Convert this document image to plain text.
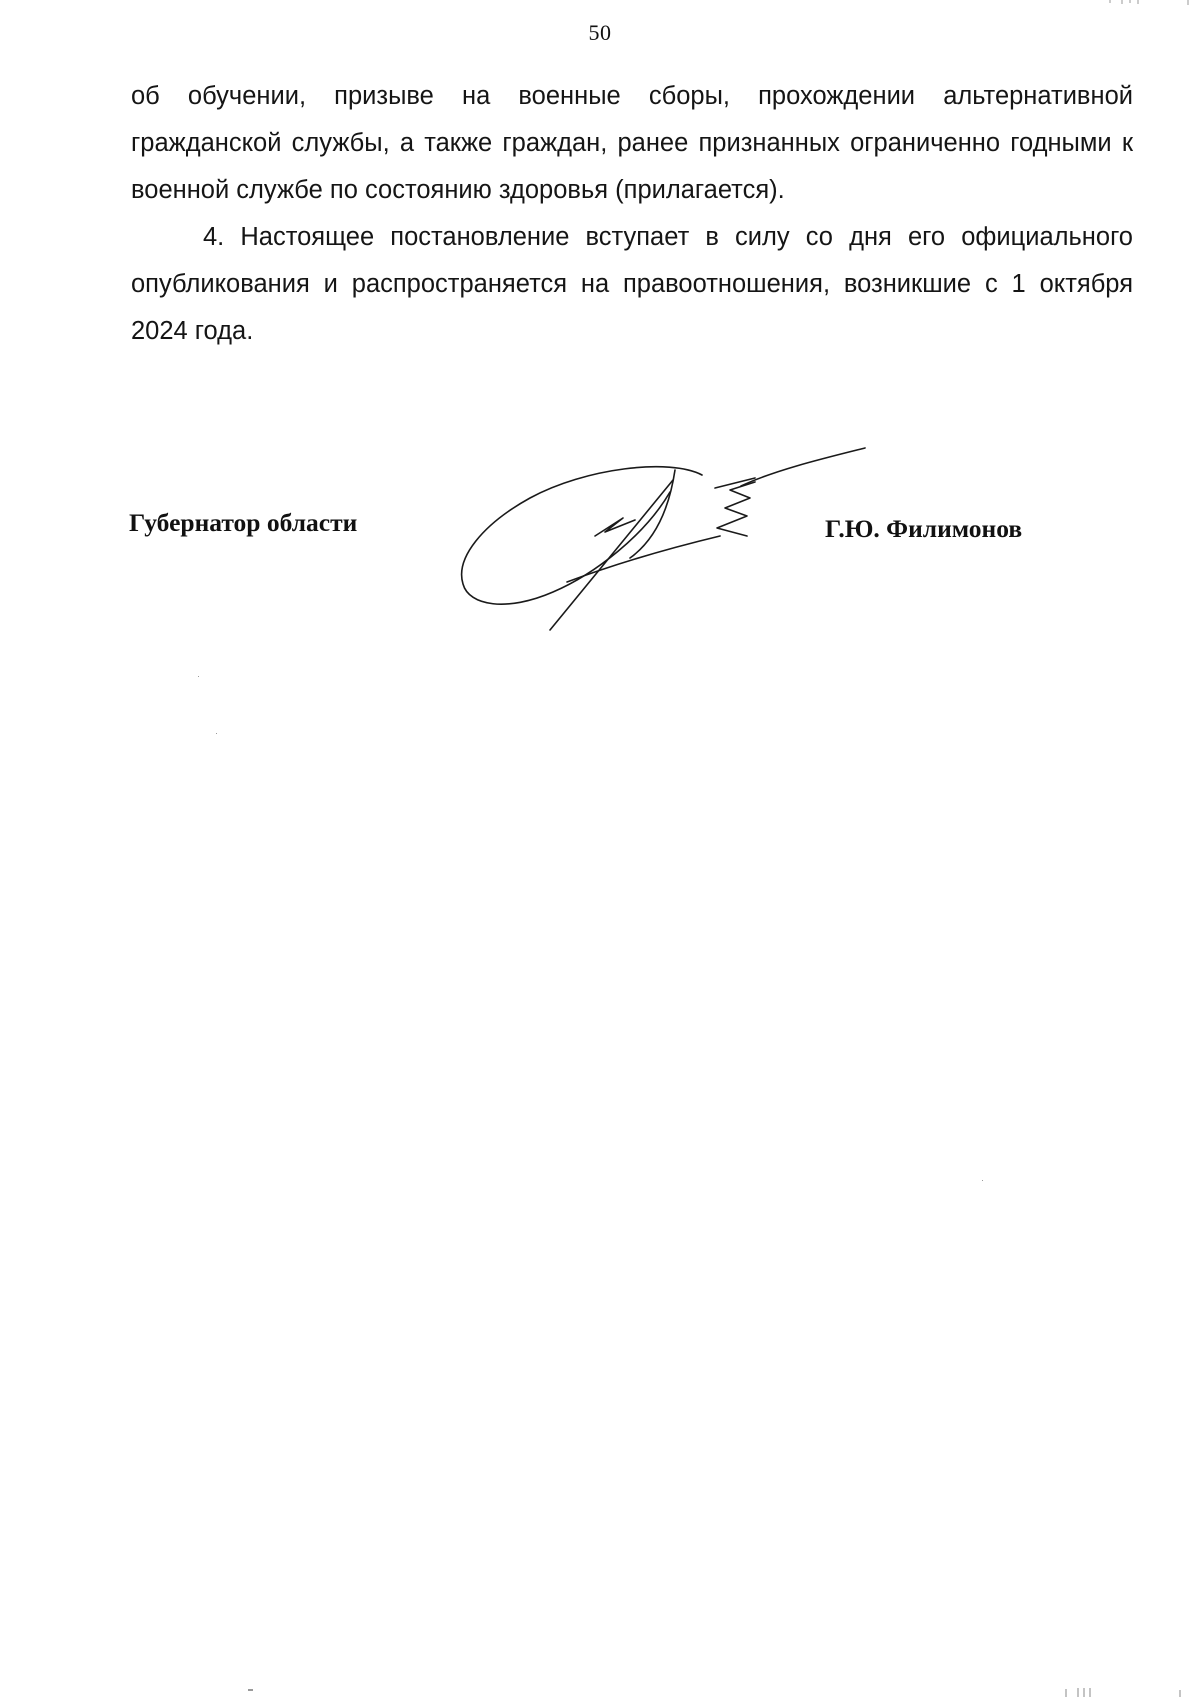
50

об обучении, призыве на военные сборы, прохождении альтернативной гражданской службы, а также граждан, ранее признанных ограниченно годными к военной службе по состоянию здоровья (прилагается).

4. Настоящее постановление вступает в силу со дня его официального опубликования и распространяется на правоотношения, возникшие с 1 октября 2024 года.

Губернатор области	Г.Ю. Филимонов
